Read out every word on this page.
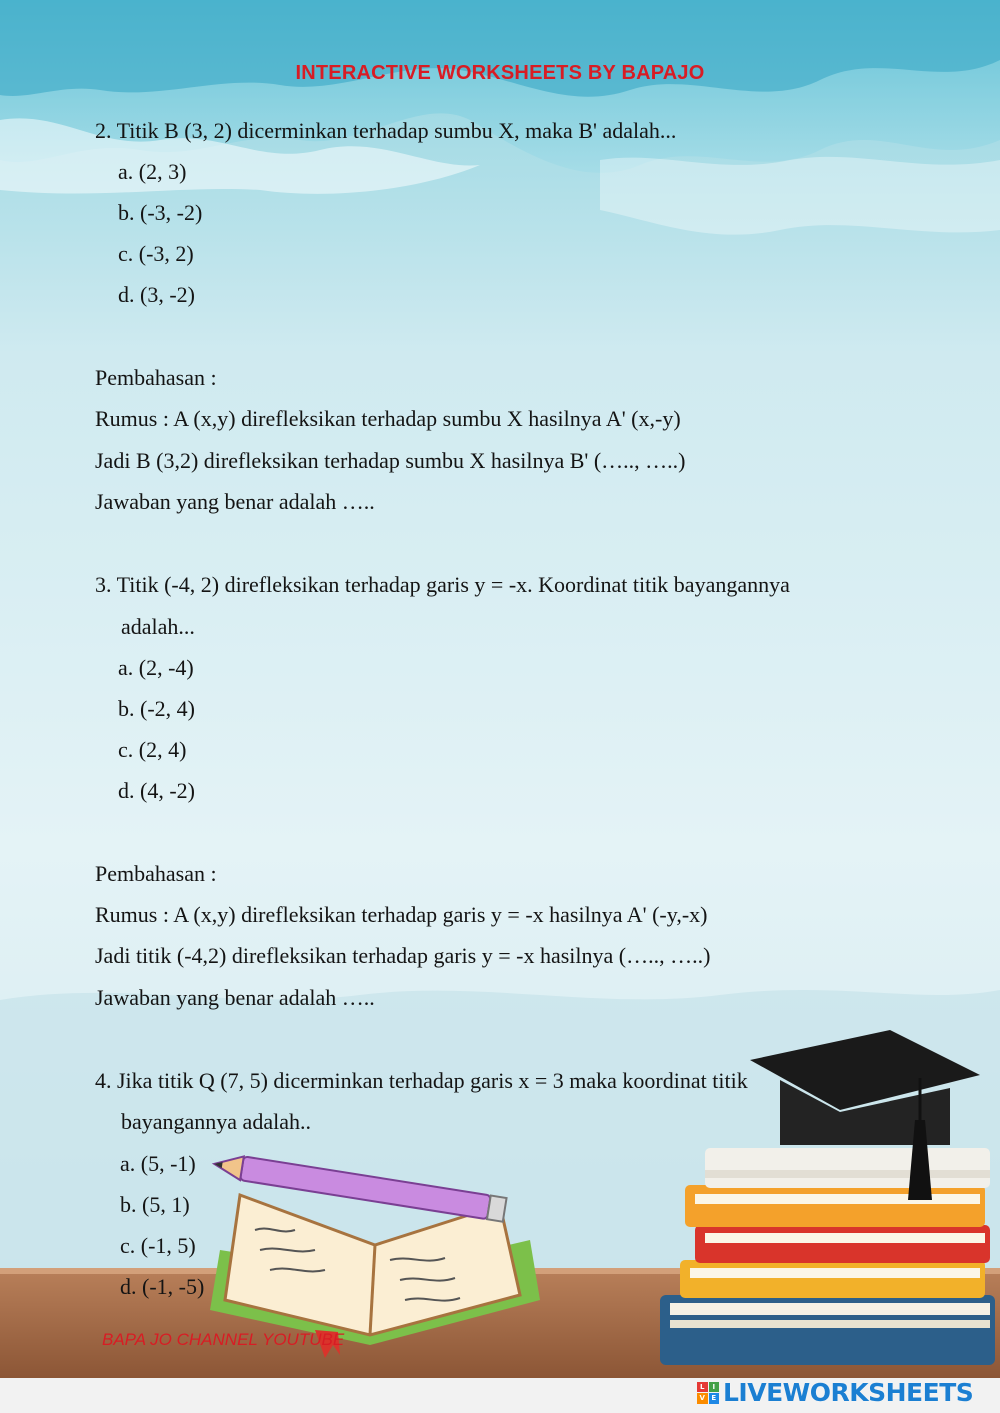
INTERACTIVE WORKSHEETS BY BAPAJO

2. Titik B (3, 2) dicerminkan terhadap sumbu X, maka B' adalah...

a. (2, 3)

b. (-3, -2)

c. (-3, 2)

d. (3, -2)

Pembahasan :

Rumus : A (x,y) direfleksikan terhadap sumbu X hasilnya A' (x,-y)

Jadi B (3,2) direfleksikan terhadap sumbu X hasilnya B' (….., …..)

Jawaban yang benar adalah …..

3. Titik (-4, 2) direfleksikan terhadap garis y = -x. Koordinat titik bayangannya

adalah...

a. (2, -4)

b. (-2, 4)

c. (2, 4)

d. (4, -2)

Pembahasan :

Rumus : A (x,y) direfleksikan terhadap garis y = -x hasilnya A' (-y,-x)

Jadi titik (-4,2) direfleksikan terhadap garis y = -x hasilnya (….., …..)

Jawaban yang benar adalah …..

4. Jika titik Q (7, 5) dicerminkan terhadap garis x = 3 maka koordinat titik

bayangannya adalah..

a. (5, -1)

b. (5, 1)

c. (-1, 5)

d. (-1, -5)

BAPA JO CHANNEL YOUTUBE
L	I
V E LIVEWORKSHEETS
